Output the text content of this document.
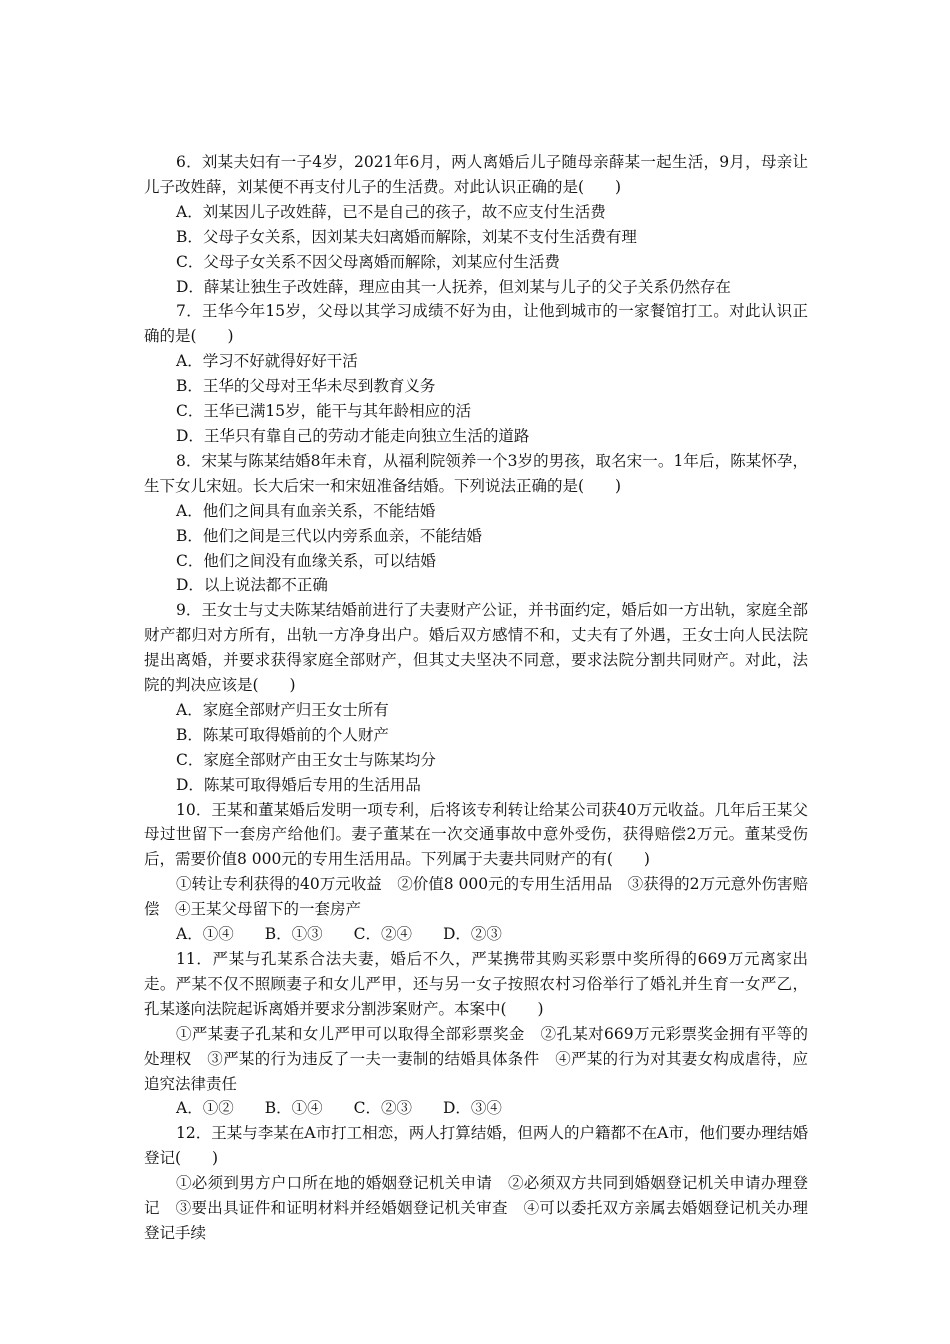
6．刘某夫妇有一子4岁，2021年6月，两人离婚后儿子随母亲薛某一起生活，9月，母亲让儿子改姓薛，刘某便不再支付儿子的生活费。对此认识正确的是(　　)

A．刘某因儿子改姓薛，已不是自己的孩子，故不应支付生活费

B．父母子女关系，因刘某夫妇离婚而解除，刘某不支付生活费有理

C．父母子女关系不因父母离婚而解除，刘某应付生活费

D．薛某让独生子改姓薛，理应由其一人抚养，但刘某与儿子的父子关系仍然存在

7．王华今年15岁，父母以其学习成绩不好为由，让他到城市的一家餐馆打工。对此认识正确的是(　　)

A．学习不好就得好好干活

B．王华的父母对王华未尽到教育义务

C．王华已满15岁，能干与其年龄相应的活

D．王华只有靠自己的劳动才能走向独立生活的道路

8．宋某与陈某结婚8年未育，从福利院领养一个3岁的男孩，取名宋一。1年后，陈某怀孕，生下女儿宋妞。长大后宋一和宋妞准备结婚。下列说法正确的是(　　)

A．他们之间具有血亲关系，不能结婚

B．他们之间是三代以内旁系血亲，不能结婚

C．他们之间没有血缘关系，可以结婚

D．以上说法都不正确

9．王女士与丈夫陈某结婚前进行了夫妻财产公证，并书面约定，婚后如一方出轨，家庭全部财产都归对方所有，出轨一方净身出户。婚后双方感情不和，丈夫有了外遇，王女士向人民法院提出离婚，并要求获得家庭全部财产，但其丈夫坚决不同意，要求法院分割共同财产。对此，法院的判决应该是(　　)

A．家庭全部财产归王女士所有

B．陈某可取得婚前的个人财产

C．家庭全部财产由王女士与陈某均分

D．陈某可取得婚后专用的生活用品

10．王某和董某婚后发明一项专利，后将该专利转让给某公司获40万元收益。几年后王某父母过世留下一套房产给他们。妻子董某在一次交通事故中意外受伤，获得赔偿2万元。董某受伤后，需要价值8 000元的专用生活用品。下列属于夫妻共同财产的有(　　)

①转让专利获得的40万元收益　②价值8 000元的专用生活用品　③获得的2万元意外伤害赔偿　④王某父母留下的一套房产

A．①④　　B．①③　　C．②④　　D．②③

11．严某与孔某系合法夫妻，婚后不久，严某携带其购买彩票中奖所得的669万元离家出走。严某不仅不照顾妻子和女儿严甲，还与另一女子按照农村习俗举行了婚礼并生育一女严乙，孔某遂向法院起诉离婚并要求分割涉案财产。本案中(　　)

①严某妻子孔某和女儿严甲可以取得全部彩票奖金　②孔某对669万元彩票奖金拥有平等的处理权　③严某的行为违反了一夫一妻制的结婚具体条件　④严某的行为对其妻女构成虐待，应追究法律责任

A．①②　　B．①④　　C．②③　　D．③④

12．王某与李某在A市打工相恋，两人打算结婚，但两人的户籍都不在A市，他们要办理结婚登记(　　)

①必须到男方户口所在地的婚姻登记机关申请　②必须双方共同到婚姻登记机关申请办理登记　③要出具证件和证明材料并经婚姻登记机关审查　④可以委托双方亲属去婚姻登记机关办理登记手续
